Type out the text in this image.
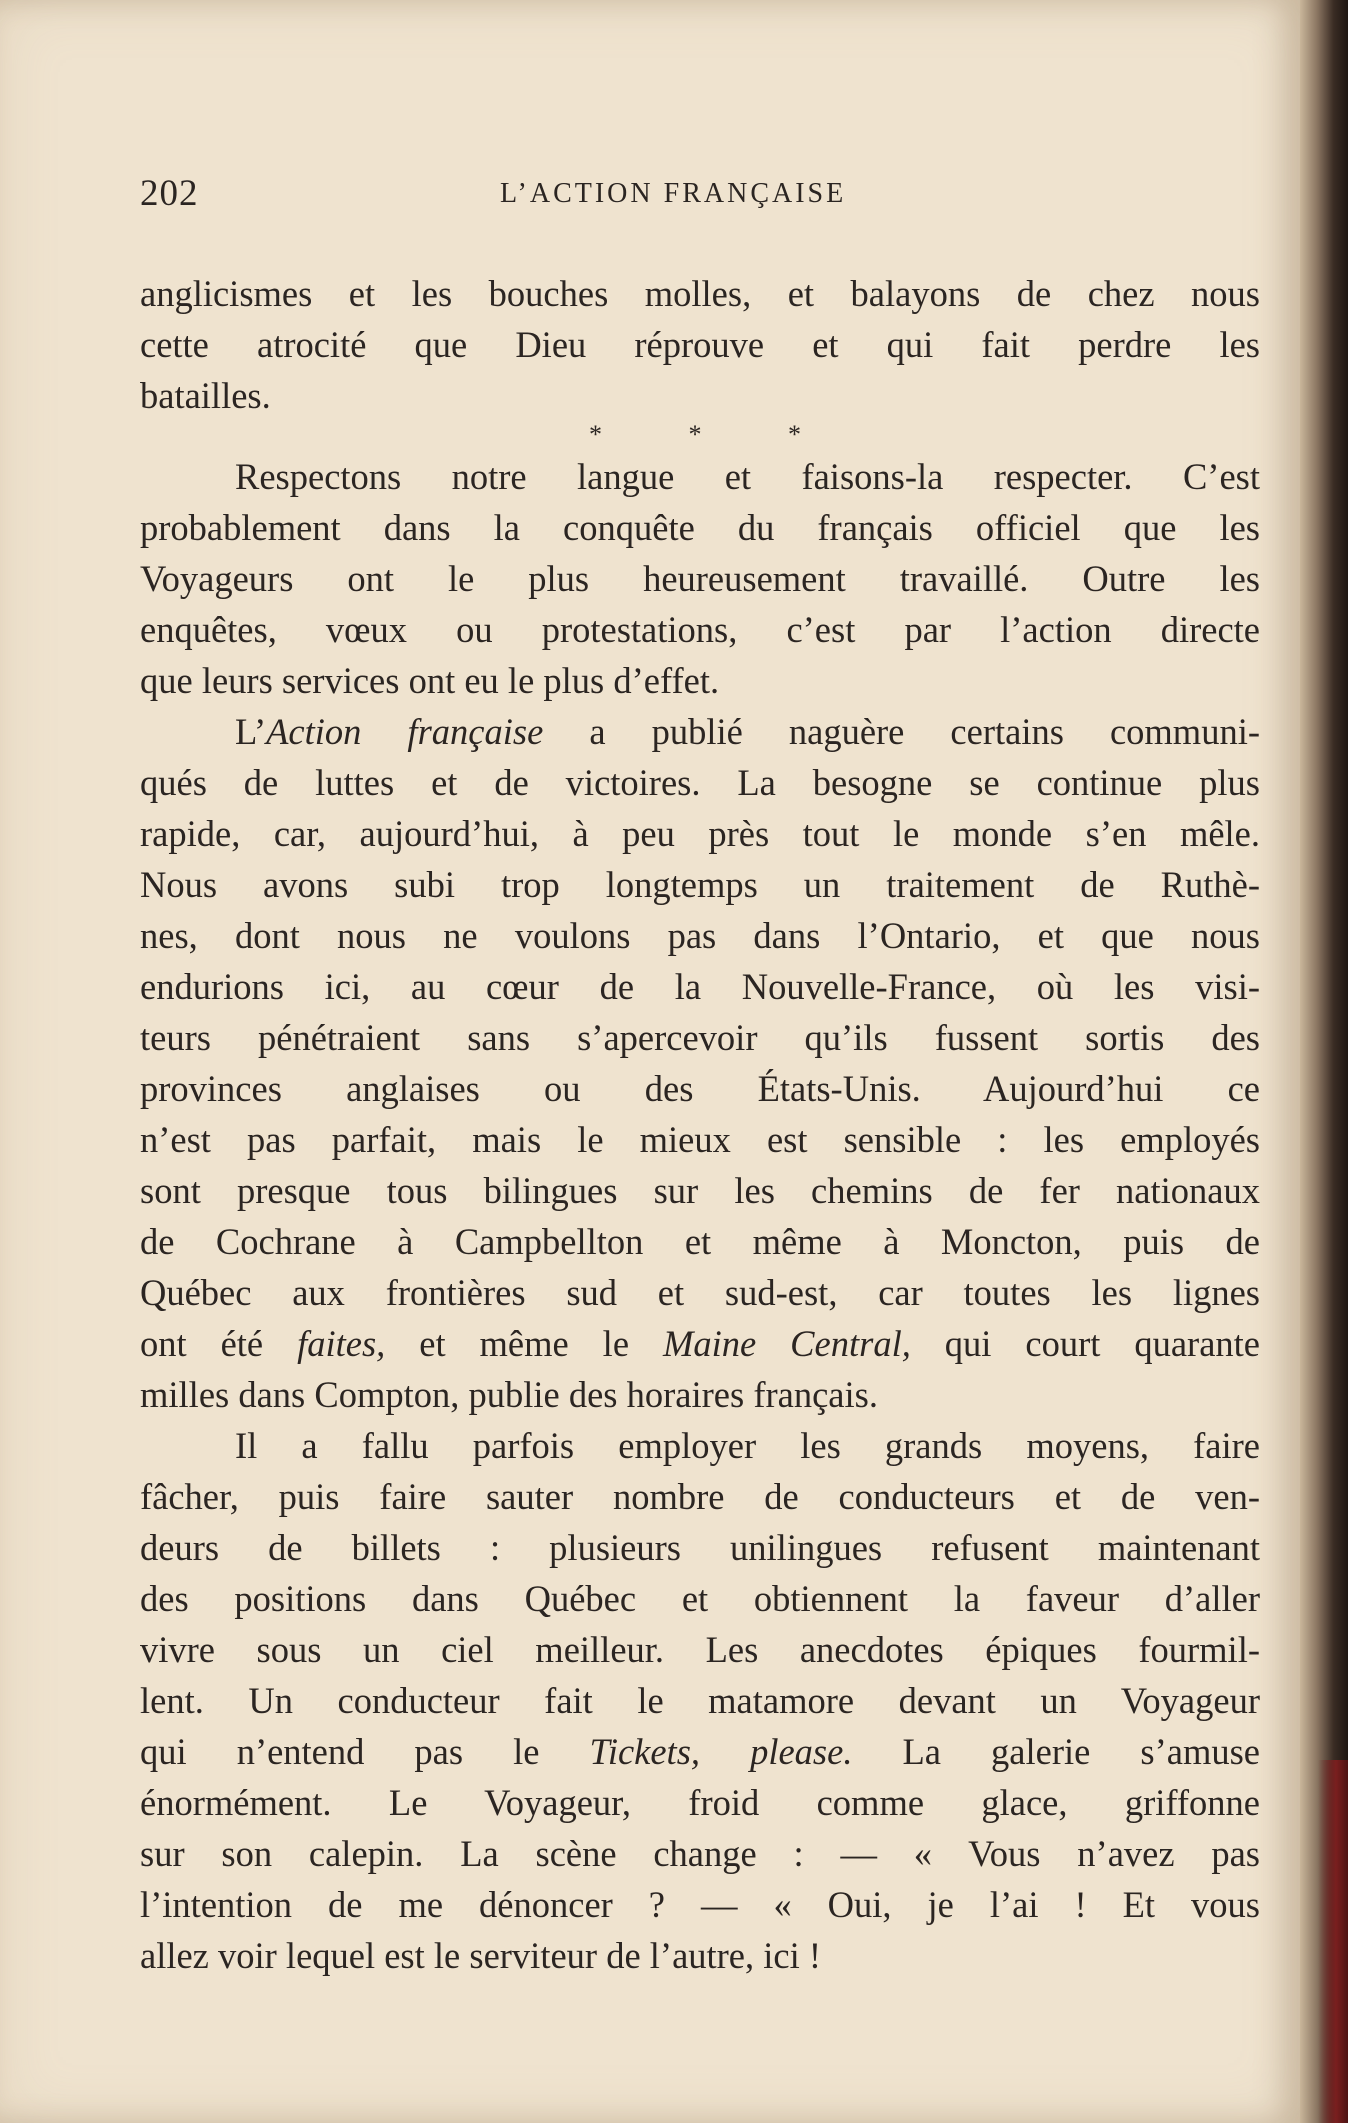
202	L’ACTION FRANÇAISE
anglicismes et les bouches molles, et balayons de chez nous
cette atrocité que Dieu réprouve et qui fait perdre les
batailles.
* * *
Respectons notre langue et faisons-la respecter. C’est
probablement dans la conquête du français officiel que les
Voyageurs ont le plus heureusement travaillé. Outre les
enquêtes, vœux ou protestations, c’est par l’action directe
que leurs services ont eu le plus d’effet.
L’Action française a publié naguère certains communi-
qués de luttes et de victoires. La besogne se continue plus
rapide, car, aujourd’hui, à peu près tout le monde s’en mêle.
Nous avons subi trop longtemps un traitement de Ruthè-
nes, dont nous ne voulons pas dans l’Ontario, et que nous
endurions ici, au cœur de la Nouvelle-France, où les visi-
teurs pénétraient sans s’apercevoir qu’ils fussent sortis des
provinces anglaises ou des États-Unis. Aujourd’hui ce
n’est pas parfait, mais le mieux est sensible : les employés
sont presque tous bilingues sur les chemins de fer nationaux
de Cochrane à Campbellton et même à Moncton, puis de
Québec aux frontières sud et sud-est, car toutes les lignes
ont été faites, et même le Maine Central, qui court quarante
milles dans Compton, publie des horaires français.
Il a fallu parfois employer les grands moyens, faire
fâcher, puis faire sauter nombre de conducteurs et de ven-
deurs de billets : plusieurs unilingues refusent maintenant
des positions dans Québec et obtiennent la faveur d’aller
vivre sous un ciel meilleur. Les anecdotes épiques fourmil-
lent. Un conducteur fait le matamore devant un Voyageur
qui n’entend pas le Tickets, please. La galerie s’amuse
énormément. Le Voyageur, froid comme glace, griffonne
sur son calepin. La scène change : — « Vous n’avez pas
l’intention de me dénoncer ? — « Oui, je l’ai ! Et vous
allez voir lequel est le serviteur de l’autre, ici !
